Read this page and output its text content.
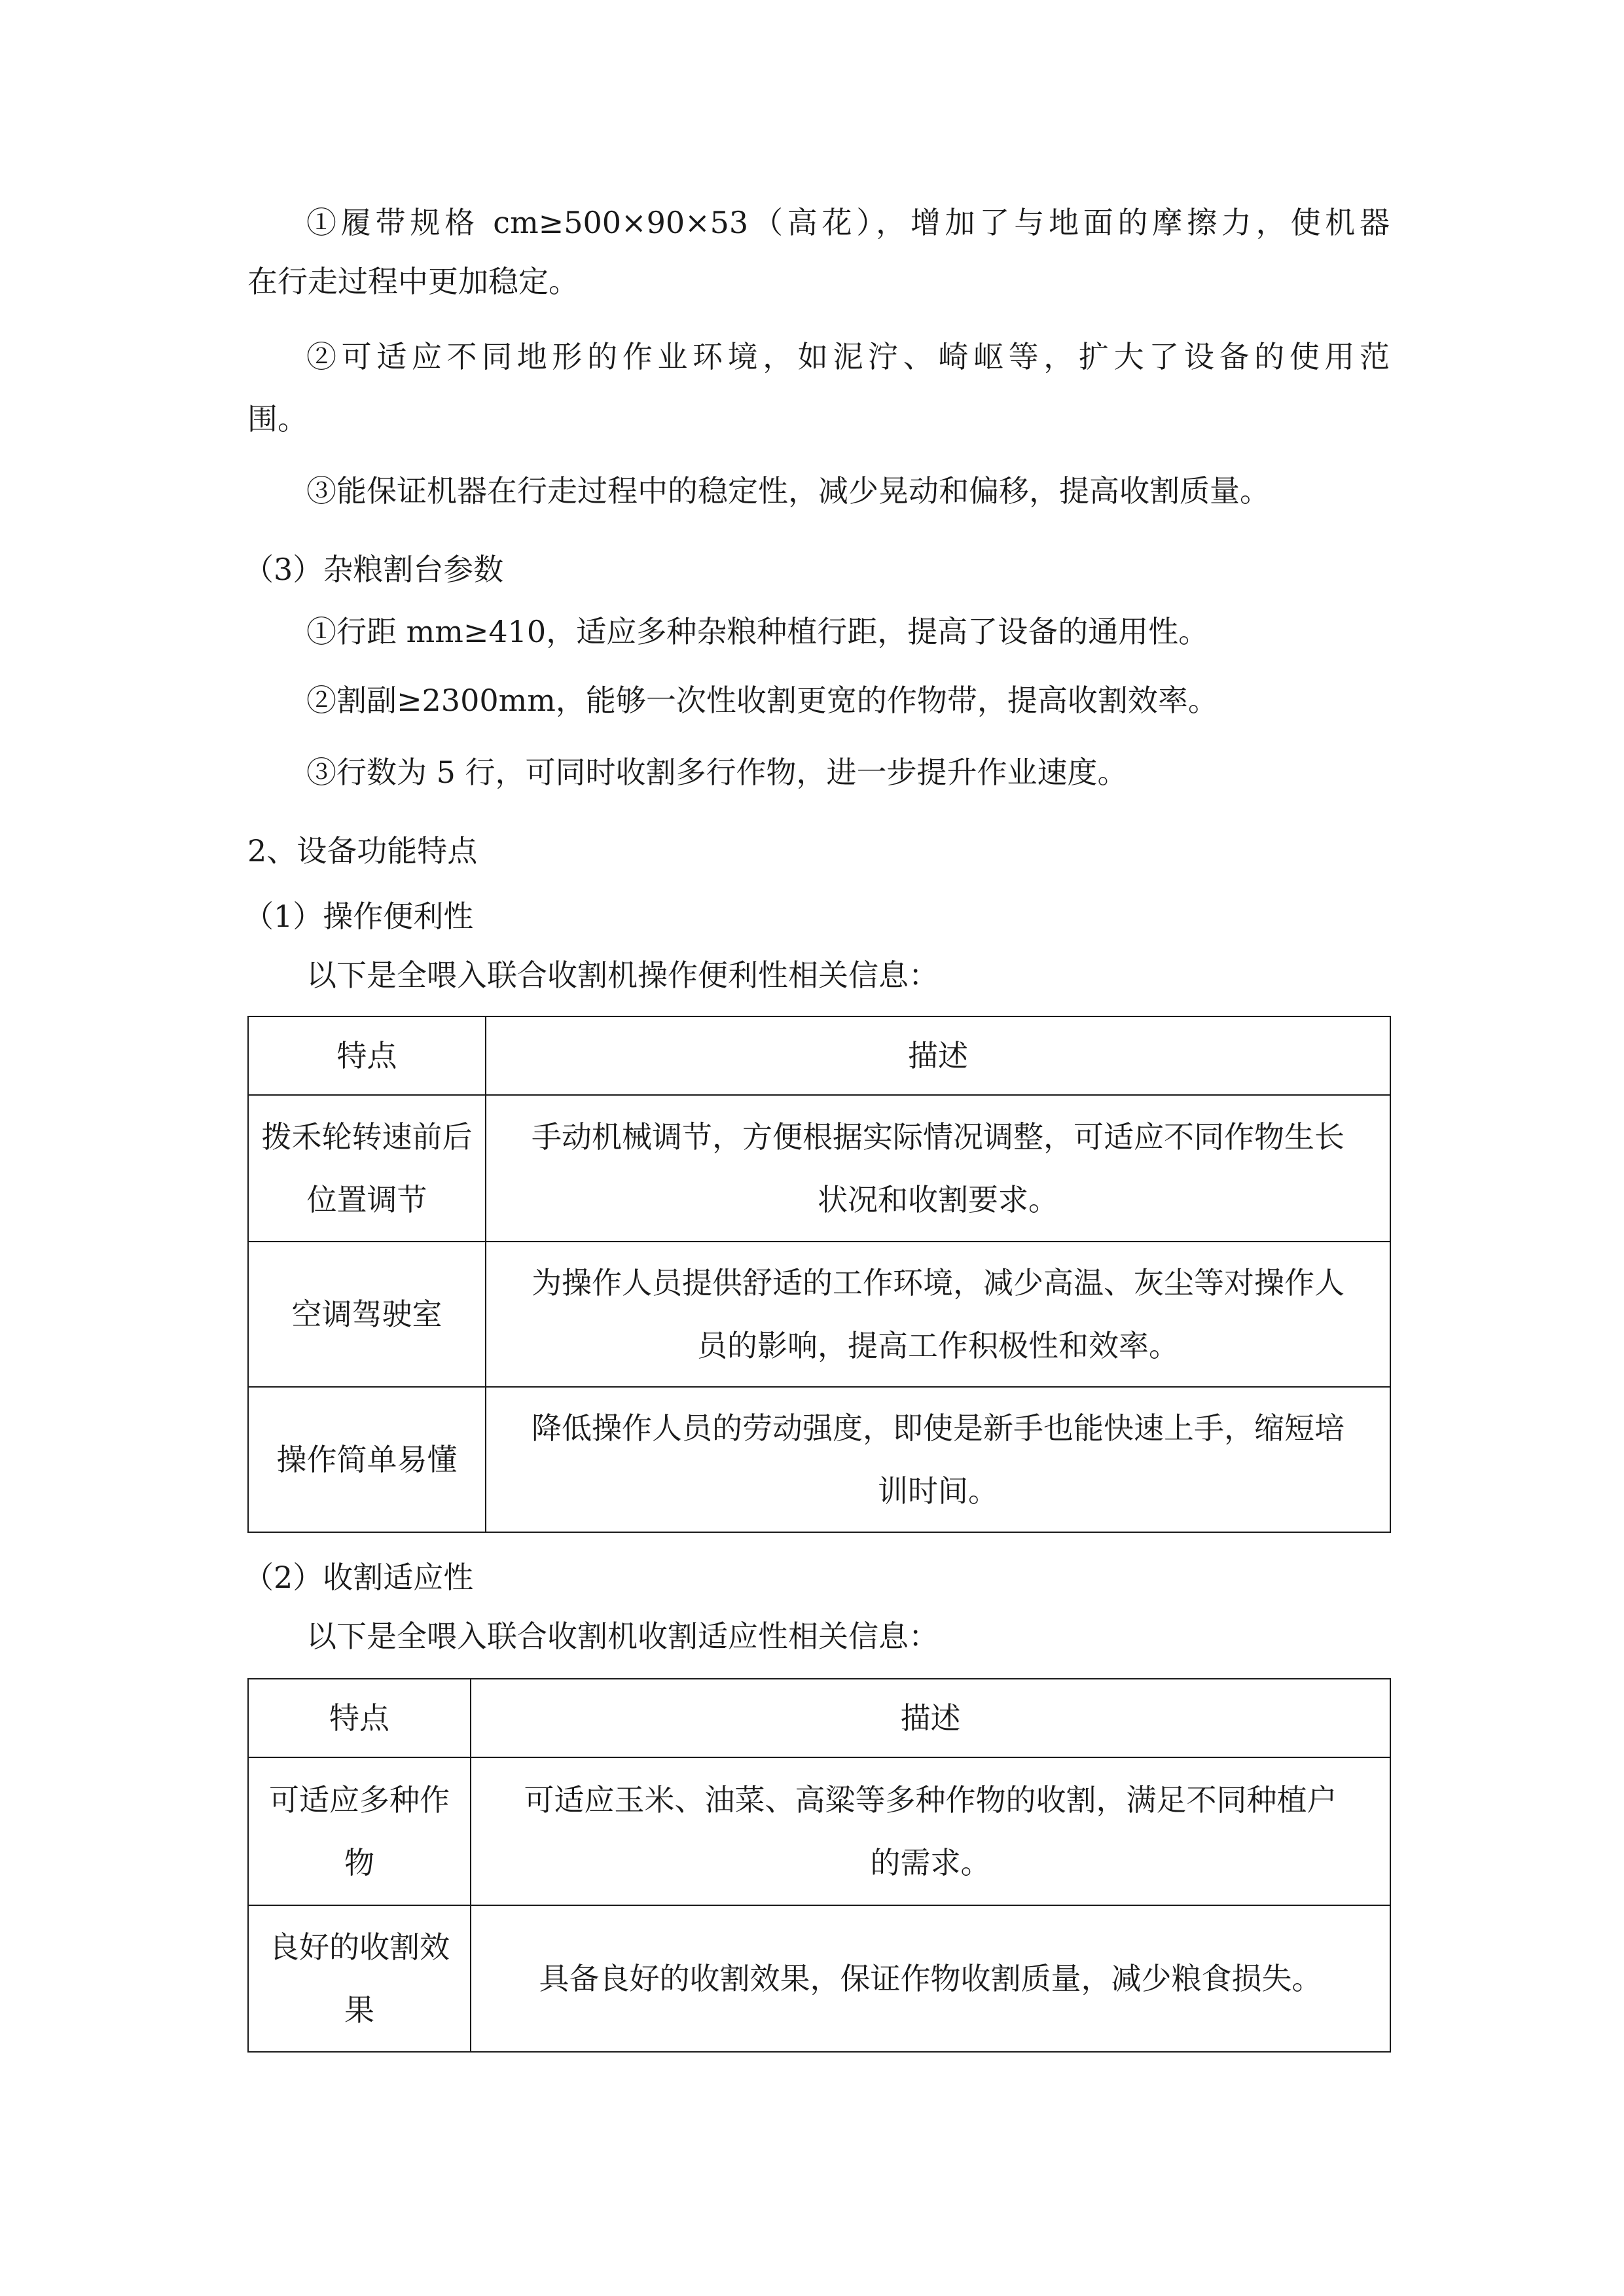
①履带规格 cm≥500×90×53（高花），增加了与地面的摩擦力，使机器
在行走过程中更加稳定。
②可适应不同地形的作业环境，如泥泞、崎岖等，扩大了设备的使用范
围。
③能保证机器在行走过程中的稳定性，减少晃动和偏移，提高收割质量。
（3）杂粮割台参数
①行距 mm≥410，适应多种杂粮种植行距，提高了设备的通用性。
②割副≥2300mm，能够一次性收割更宽的作物带，提高收割效率。
③行数为 5 行，可同时收割多行作物，进一步提升作业速度。
2、设备功能特点
（1）操作便利性
以下是全喂入联合收割机操作便利性相关信息：
特点	描述
拨禾轮转速前后
位置调节	手动机械调节，方便根据实际情况调整，可适应不同作物生长
状况和收割要求。
空调驾驶室	为操作人员提供舒适的工作环境，减少高温、灰尘等对操作人
员的影响，提高工作积极性和效率。
操作简单易懂	降低操作人员的劳动强度，即使是新手也能快速上手，缩短培
训时间。
（2）收割适应性
以下是全喂入联合收割机收割适应性相关信息：
特点	描述
可适应多种作
物	可适应玉米、油菜、高粱等多种作物的收割，满足不同种植户
的需求。
良好的收割效
果	具备良好的收割效果，保证作物收割质量，减少粮食损失。
